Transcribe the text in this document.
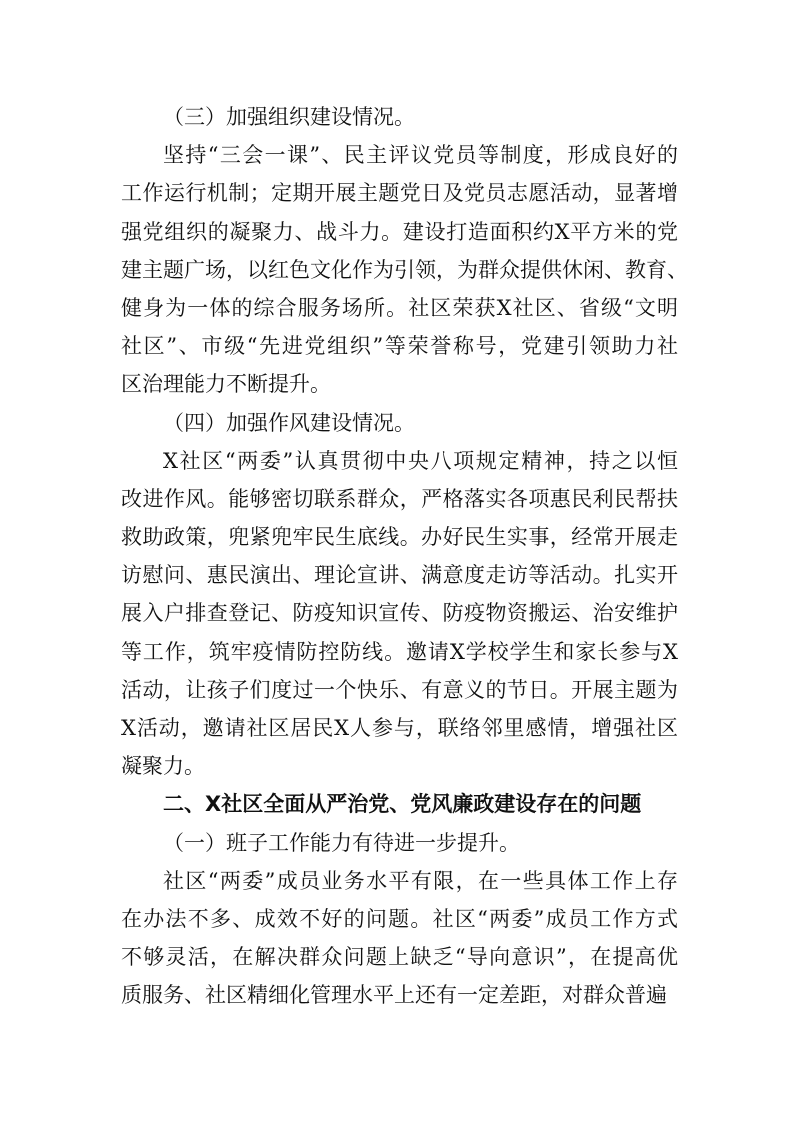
（三）加强组织建设情况。
坚持“三会一课”、民主评议党员等制度，形成良好的
工作运行机制；定期开展主题党日及党员志愿活动，显著增
强党组织的凝聚力、战斗力。建设打造面积约X平方米的党
建主题广场，以红色文化作为引领，为群众提供休闲、教育、
健身为一体的综合服务场所。社区荣获X社区、省级“文明
社区”、市级“先进党组织”等荣誉称号，党建引领助力社
区治理能力不断提升。
（四）加强作风建设情况。
X社区“两委”认真贯彻中央八项规定精神，持之以恒
改进作风。能够密切联系群众，严格落实各项惠民利民帮扶
救助政策，兜紧兜牢民生底线。办好民生实事，经常开展走
访慰问、惠民演出、理论宣讲、满意度走访等活动。扎实开
展入户排查登记、防疫知识宣传、防疫物资搬运、治安维护
等工作，筑牢疫情防控防线。邀请X学校学生和家长参与X
活动，让孩子们度过一个快乐、有意义的节日。开展主题为
X活动，邀请社区居民X人参与，联络邻里感情，增强社区
凝聚力。
二、X社区全面从严治党、党风廉政建设存在的问题
（一）班子工作能力有待进一步提升。
社区“两委”成员业务水平有限，在一些具体工作上存
在办法不多、成效不好的问题。社区“两委”成员工作方式
不够灵活，在解决群众问题上缺乏“导向意识”，在提高优
质服务、社区精细化管理水平上还有一定差距，对群众普遍
